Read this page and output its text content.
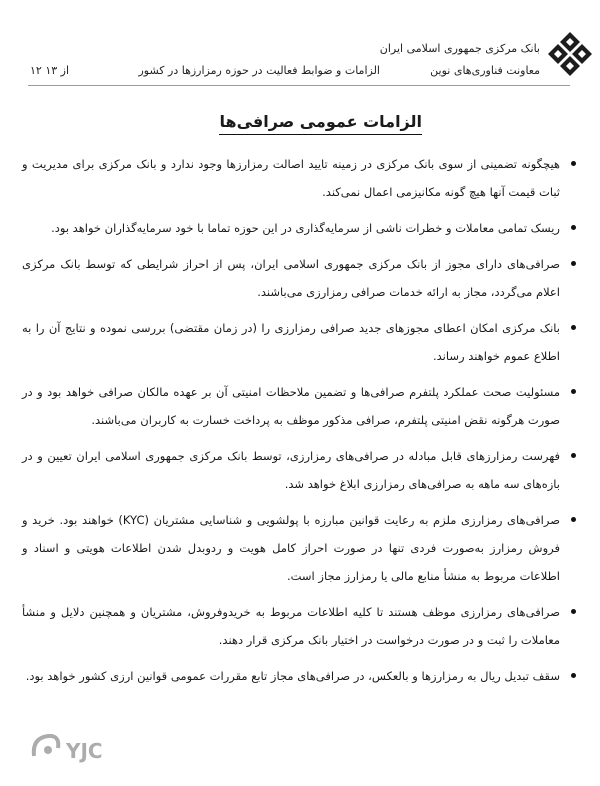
بانک مرکزی جمهوری اسلامی ایران
معاونت فناوری‌های نوین
الزامات و ضوابط فعالیت در حوزه رمزارزها در کشور
۱۲ از ۱۳
الزامات عمومی صرافی‌ها
هیچگونه تضمینی از سوی بانک مرکزی در زمینه تایید اصالت رمزارزها وجود ندارد و بانک مرکزی برای مدیریت و ثبات قیمت آنها هیچ گونه مکانیزمی اعمال نمی‌کند.
ریسک تمامی معاملات و خطرات ناشی از سرمایه‌گذاری در این حوزه تماما با خود سرمایه‌گذاران خواهد بود.
صرافی‌های دارای مجوز از بانک مرکزی جمهوری اسلامی ایران، پس از احراز شرایطی که توسط بانک مرکزی اعلام می‌گردد، مجاز به ارائه خدمات صرافی رمزارزی می‌باشند.
بانک مرکزی امکان اعطای مجوزهای جدید صرافی رمزارزی را (در زمان مقتضی) بررسی نموده و نتایج آن را به اطلاع عموم خواهند رساند.
مسئولیت صحت عملکرد پلتفرم صرافی‌ها و تضمین ملاحظات امنیتی آن بر عهده مالکان صرافی خواهد بود و در صورت هرگونه نقض امنیتی پلتفرم، صرافی مذکور موظف به پرداخت خسارت به کاربران می‌باشند.
فهرست رمزارزهای قابل مبادله در صرافی‌های رمزارزی، توسط بانک مرکزی جمهوری اسلامی ایران تعیین و در بازه‌های سه ماهه به صرافی‌های رمزارزی ابلاغ خواهد شد.
صرافی‌های رمزارزی ملزم به رعایت قوانین مبارزه با پولشویی و شناسایی مشتریان (KYC) خواهند بود. خرید و فروش رمزارز به‌صورت فردی تنها در صورت احراز کامل هویت و ردوبدل شدن اطلاعات هویتی و اسناد و اطلاعات مربوط به منشأ منابع مالی یا رمزارز مجاز است.
صرافی‌های رمزارزی موظف هستند تا کلیه اطلاعات مربوط به خریدوفروش، مشتریان و همچنین دلایل و منشأ معاملات را ثبت و در صورت درخواست در اختیار بانک مرکزی قرار دهند.
سقف تبدیل ریال به رمزارزها و بالعکس، در صرافی‌های مجاز تابع مقررات عمومی قوانین ارزی کشور خواهد بود.
YJC
